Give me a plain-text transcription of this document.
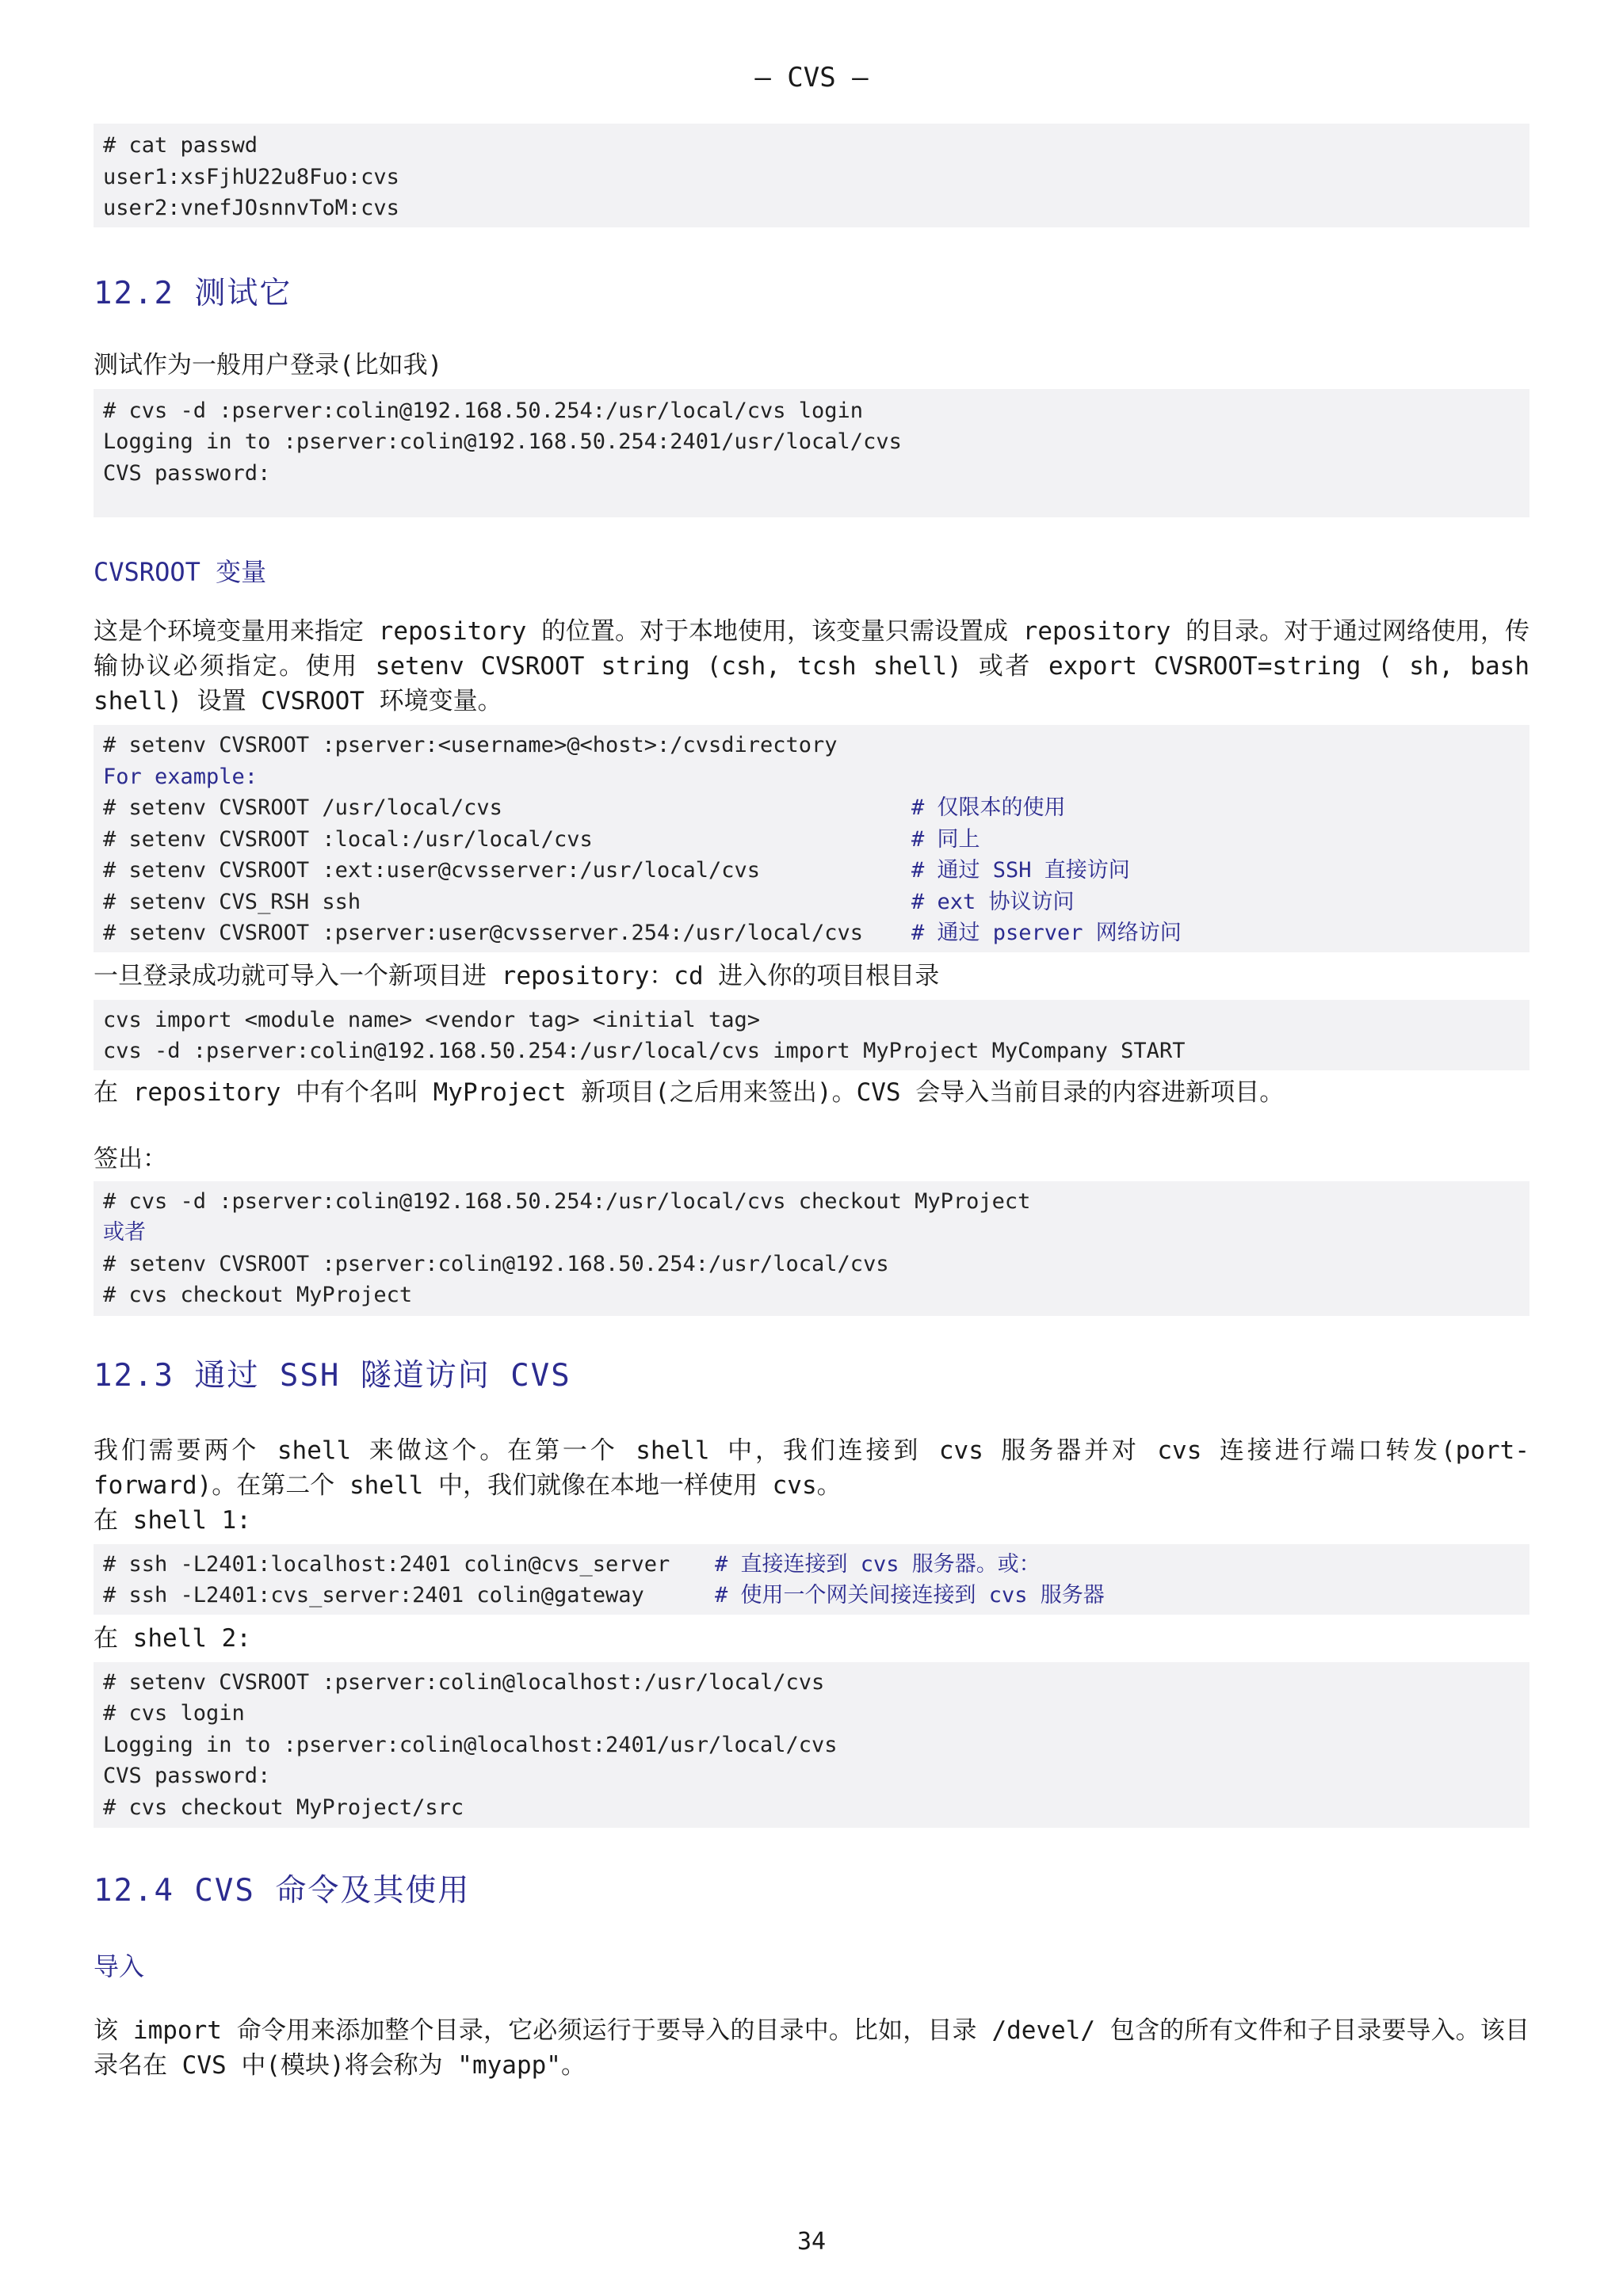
— CVS —
# cat passwd
user1:xsFjhU22u8Fuo:cvs
user2:vnefJOsnnvToM:cvs
12.2 测试它
测试作为一般用户登录(比如我)
# cvs -d :pserver:colin@192.168.50.254:/usr/local/cvs login
Logging in to :pserver:colin@192.168.50.254:2401/usr/local/cvs
CVS password:
CVSROOT 变量
这是个环境变量用来指定 repository 的位置。对于本地使用，该变量只需设置成 repository 的目录。对于通过网络使用，传输协议必须指定。使用 setenv CVSROOT string (csh, tcsh shell) 或者 export CVSROOT=string ( sh, bash shell) 设置 CVSROOT 环境变量。
# setenv CVSROOT :pserver:<username>@<host>:/cvsdirectory
For example:
# setenv CVSROOT /usr/local/cvs	# 仅限本的使用
# setenv CVSROOT :local:/usr/local/cvs	# 同上
# setenv CVSROOT :ext:user@cvsserver:/usr/local/cvs	# 通过 SSH 直接访问
# setenv CVS_RSH ssh	# ext 协议访问
# setenv CVSROOT :pserver:user@cvsserver.254:/usr/local/cvs	# 通过 pserver 网络访问
一旦登录成功就可导入一个新项目进 repository：cd 进入你的项目根目录
cvs import <module name> <vendor tag> <initial tag>
cvs -d :pserver:colin@192.168.50.254:/usr/local/cvs import MyProject MyCompany START
在 repository 中有个名叫 MyProject 新项目(之后用来签出)。CVS 会导入当前目录的内容进新项目。
签出：
# cvs -d :pserver:colin@192.168.50.254:/usr/local/cvs checkout MyProject
或者
# setenv CVSROOT :pserver:colin@192.168.50.254:/usr/local/cvs
# cvs checkout MyProject
12.3 通过 SSH 隧道访问 CVS
我们需要两个 shell 来做这个。在第一个 shell 中，我们连接到 cvs 服务器并对 cvs 连接进行端口转发(port-forward)。在第二个 shell 中，我们就像在本地一样使用 cvs。
在 shell 1:
# ssh -L2401:localhost:2401 colin@cvs_server	# 直接连接到 cvs 服务器。或：
# ssh -L2401:cvs_server:2401 colin@gateway	# 使用一个网关间接连接到 cvs 服务器
在 shell 2:
# setenv CVSROOT :pserver:colin@localhost:/usr/local/cvs
# cvs login
Logging in to :pserver:colin@localhost:2401/usr/local/cvs
CVS password:
# cvs checkout MyProject/src
12.4 CVS 命令及其使用
导入
该 import 命令用来添加整个目录，它必须运行于要导入的目录中。比如，目录 /devel/ 包含的所有文件和子目录要导入。该目录名在 CVS 中(模块)将会称为 "myapp"。
34
